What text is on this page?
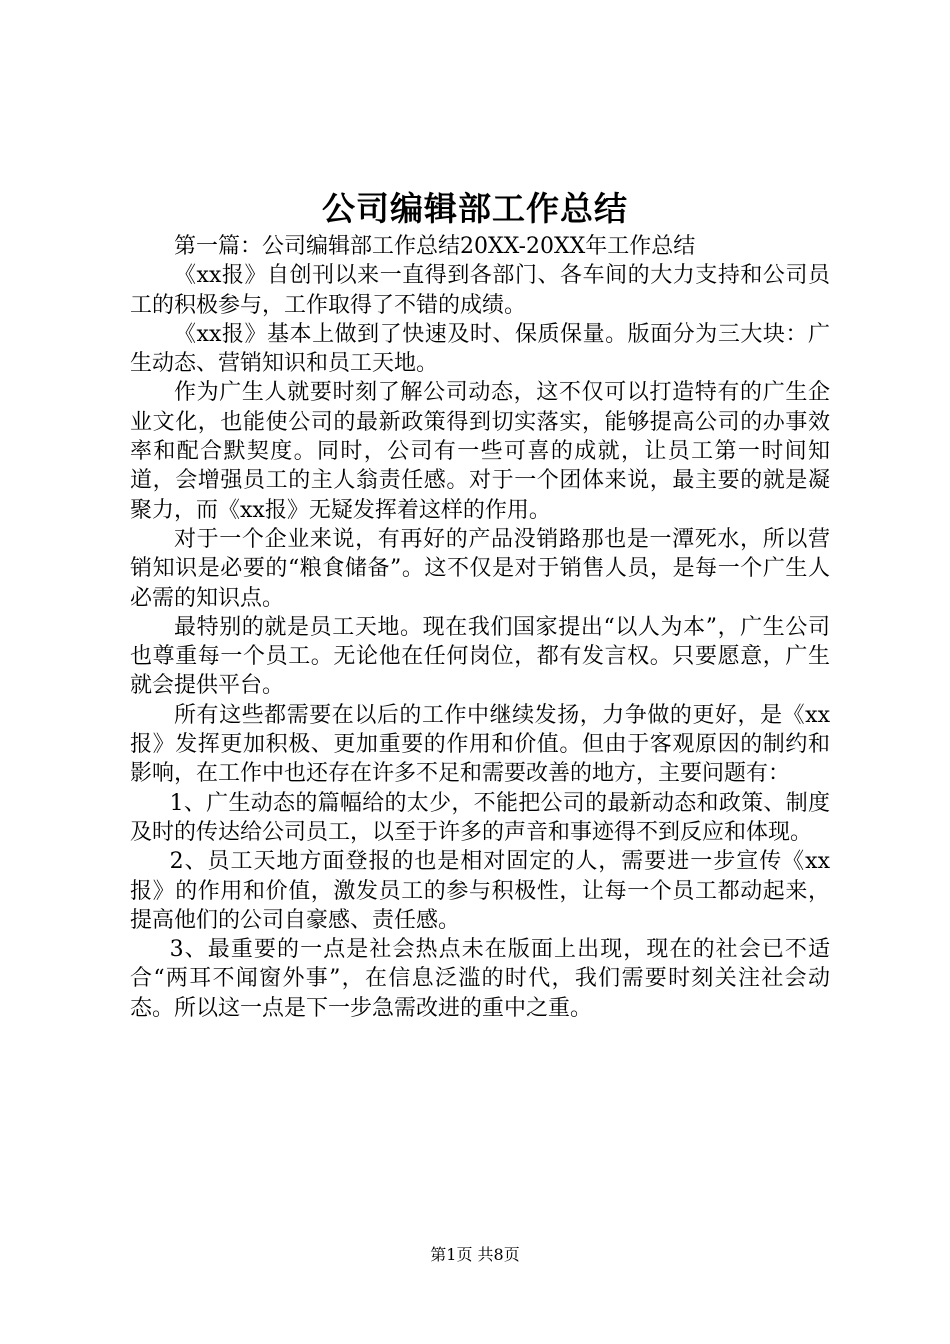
公司编辑部工作总结

第一篇：公司编辑部工作总结20XX-20XX年工作总结

《xx报》自创刊以来一直得到各部门、各车间的大力支持和公司员工的积极参与，工作取得了不错的成绩。

《xx报》基本上做到了快速及时、保质保量。版面分为三大块：广生动态、营销知识和员工天地。

作为广生人就要时刻了解公司动态，这不仅可以打造特有的广生企业文化，也能使公司的最新政策得到切实落实，能够提高公司的办事效率和配合默契度。同时，公司有一些可喜的成就，让员工第一时间知道，会增强员工的主人翁责任感。对于一个团体来说，最主要的就是凝聚力，而《xx报》无疑发挥着这样的作用。

对于一个企业来说，有再好的产品没销路那也是一潭死水，所以营销知识是必要的“粮食储备”。这不仅是对于销售人员，是每一个广生人必需的知识点。

最特别的就是员工天地。现在我们国家提出“以人为本”，广生公司也尊重每一个员工。无论他在任何岗位，都有发言权。只要愿意，广生就会提供平台。

所有这些都需要在以后的工作中继续发扬，力争做的更好，是《xx报》发挥更加积极、更加重要的作用和价值。但由于客观原因的制约和影响，在工作中也还存在许多不足和需要改善的地方，主要问题有：

1、广生动态的篇幅给的太少，不能把公司的最新动态和政策、制度及时的传达给公司员工，以至于许多的声音和事迹得不到反应和体现。

2、员工天地方面登报的也是相对固定的人，需要进一步宣传《xx报》的作用和价值，激发员工的参与积极性，让每一个员工都动起来，提高他们的公司自豪感、责任感。

3、最重要的一点是社会热点未在版面上出现，现在的社会已不适合“两耳不闻窗外事”，在信息泛滥的时代，我们需要时刻关注社会动态。所以这一点是下一步急需改进的重中之重。

第1页 共8页
